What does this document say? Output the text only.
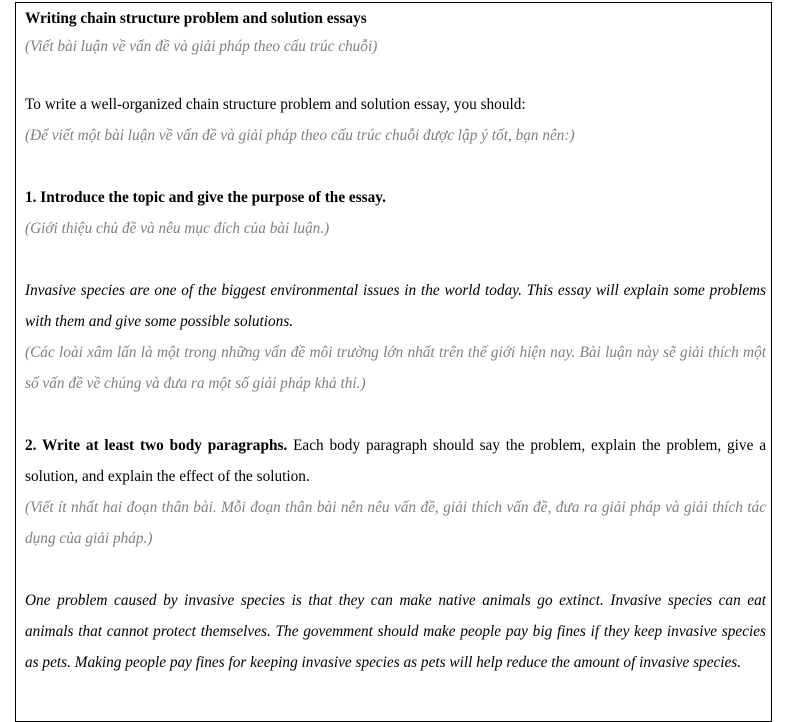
Writing chain structure problem and solution essays
(Viết bài luận về vấn đề và giải pháp theo cấu trúc chuỗi)
To write a well-organized chain structure problem and solution essay, you should:
(Để viết một bài luận về vấn đề và giải pháp theo cấu trúc chuỗi được lập ý tốt, bạn nên:)
1. Introduce the topic and give the purpose of the essay.
(Giới thiệu chủ đề và nêu mục đích của bài luận.)

Invasive species are one of the biggest environmental issues in the world today. This essay will explain some problems with them and give some possible solutions.

(Các loài xâm lấn là một trong những vấn đề môi trường lớn nhất trên thế giới hiện nay. Bài luận này sẽ giải thích một số vấn đề về chúng và đưa ra một số giải pháp khả thi.)

2. Write at least two body paragraphs. Each body paragraph should say the problem, explain the problem, give a solution, and explain the effect of the solution.

(Viết ít nhất hai đoạn thân bài. Mỗi đoạn thân bài nên nêu vấn đề, giải thích vấn đề, đưa ra giải pháp và giải thích tác dụng của giải pháp.)

One problem caused by invasive species is that they can make native animals go extinct. Invasive species can eat animals that cannot protect themselves. The govemment should make people pay big fines if they keep invasive species as pets. Making people pay fines for keeping invasive species as pets will help reduce the amount of invasive species.
